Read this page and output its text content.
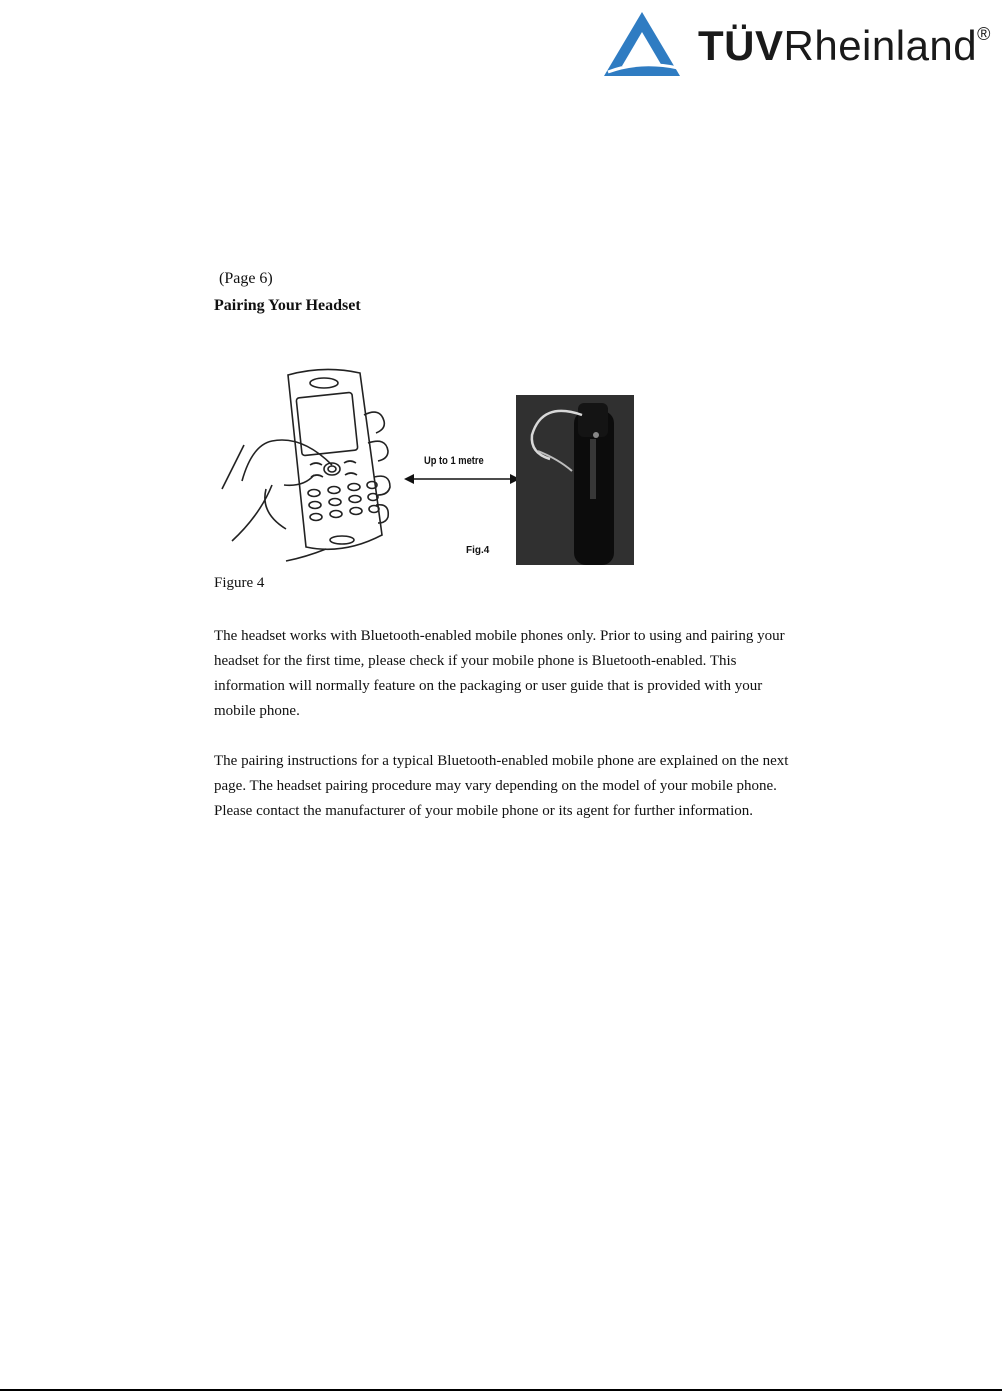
TÜVRheinland®
(Page 6)
Pairing Your Headset
Up to 1 metre
Fig.4
Figure 4

The headset works with Bluetooth-enabled mobile phones only. Prior to using and pairing your headset for the first time, please check if your mobile phone is Bluetooth-enabled. This information will normally feature on the packaging or user guide that is provided with your mobile phone.

The pairing instructions for a typical Bluetooth-enabled mobile phone are explained on the next page. The headset pairing procedure may vary depending on the model of your mobile phone. Please contact the manufacturer of your mobile phone or its agent for further information.
